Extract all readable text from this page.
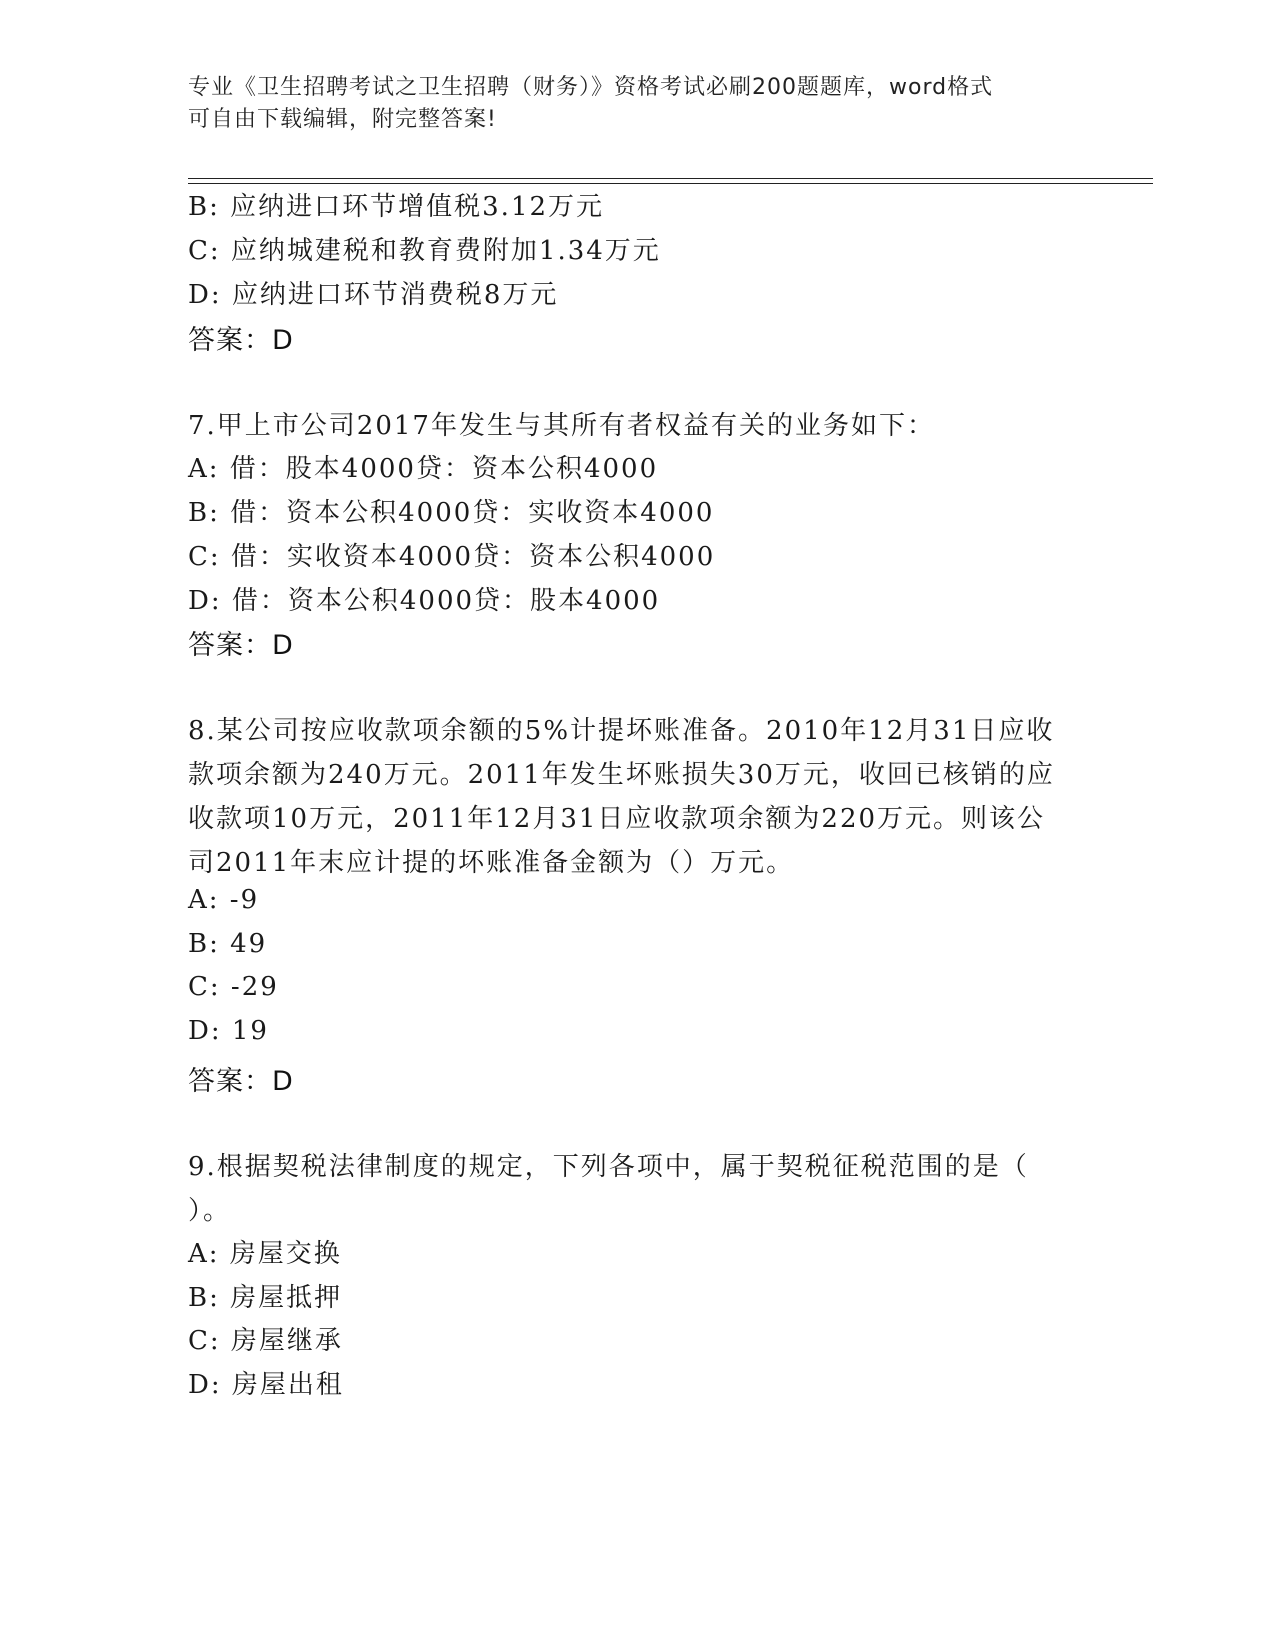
专业《卫生招聘考试之卫生招聘（财务）》资格考试必刷200题题库，word格式
可自由下载编辑，附完整答案!
B: 应纳进口环节增值税3.12万元
C: 应纳城建税和教育费附加1.34万元
D: 应纳进口环节消费税8万元
答案：D
7.甲上市公司2017年发生与其所有者权益有关的业务如下：
A: 借：股本4000贷：资本公积4000
B: 借：资本公积4000贷：实收资本4000
C: 借：实收资本4000贷：资本公积4000
D: 借：资本公积4000贷：股本4000
答案：D
8.某公司按应收款项余额的5%计提坏账准备。2010年12月31日应收
款项余额为240万元。2011年发生坏账损失30万元，收回已核销的应
收款项10万元，2011年12月31日应收款项余额为220万元。则该公
司2011年末应计提的坏账准备金额为（）万元。
A: -9
B: 49
C: -29
D: 19
答案：D
9.根据契税法律制度的规定，下列各项中，属于契税征税范围的是（
）。
A: 房屋交换
B: 房屋抵押
C: 房屋继承
D: 房屋出租
